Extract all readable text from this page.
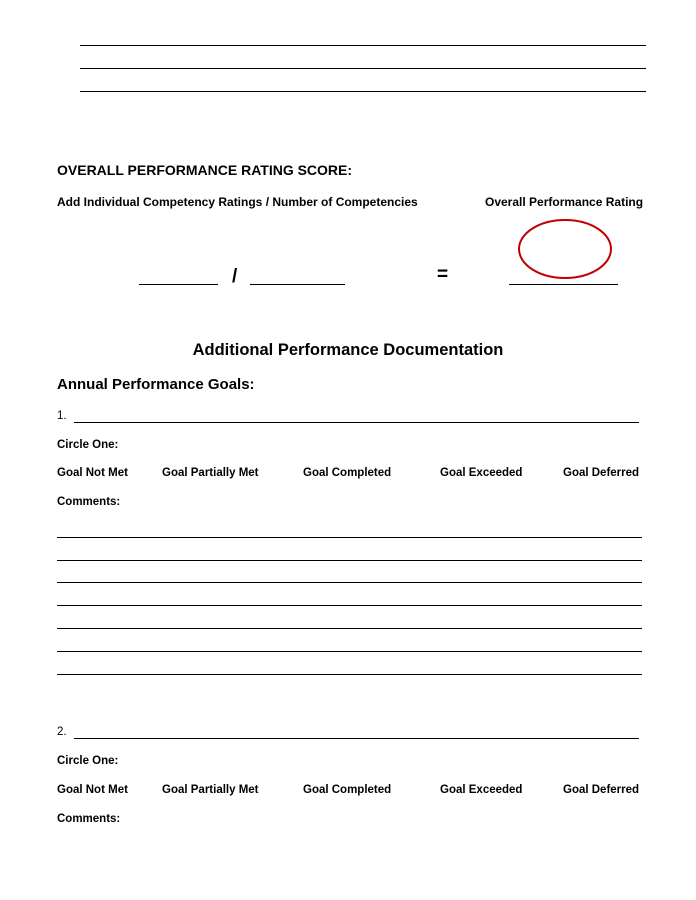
OVERALL PERFORMANCE RATING SCORE:
Add Individual Competency Ratings / Number of Competencies	Overall Performance Rating
/	=
Additional Performance Documentation
Annual Performance Goals:
1.
Circle One:
Goal Not Met	Goal Partially Met	Goal Completed	Goal Exceeded	Goal Deferred
Comments:
2.
Circle One:
Goal Not Met	Goal Partially Met	Goal Completed	Goal Exceeded	Goal Deferred
Comments:
